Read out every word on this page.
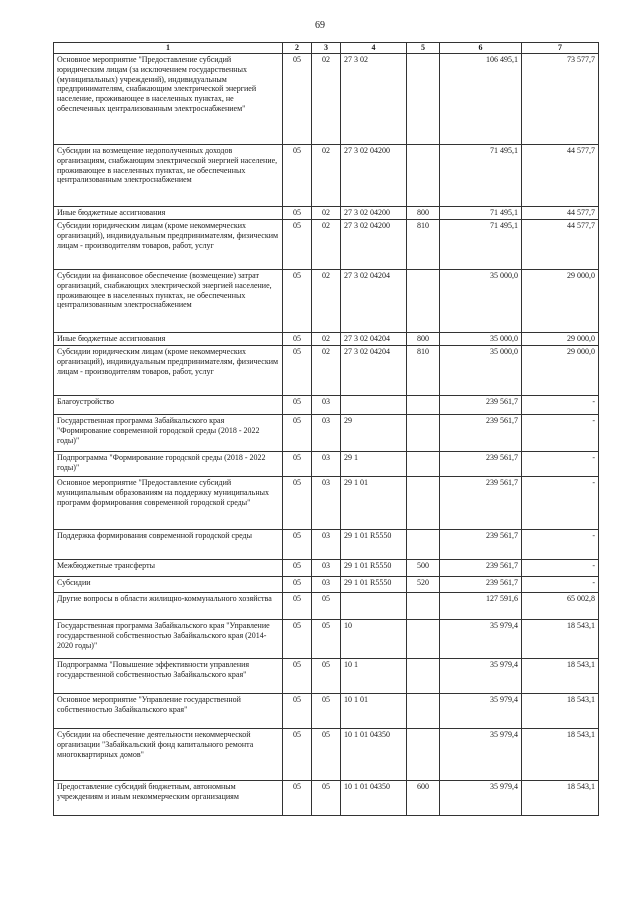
69
1	2	3	4	5	6	7
Основное мероприятие "Предоставление субсидий юридическим лицам (за исключением государственных (муниципальных) учреждений), индивидуальным предпринимателям, снабжающим электрической энергией население, проживающее в населенных пунктах, не обеспеченных централизованным электроснабжением"	05	02	27 3 02		106 495,1	73 577,7
Субсидии на возмещение недополученных доходов организациям, снабжающим электрической энергией население, проживающее в населенных пунктах, не обеспеченных централизованным электроснабжением	05	02	27 3 02 04200		71 495,1	44 577,7
Иные бюджетные ассигнования	05	02	27 3 02 04200	800	71 495,1	44 577,7
Субсидии юридическим лицам (кроме некоммерческих организаций), индивидуальным предпринимателям, физическим лицам - производителям товаров, работ, услуг	05	02	27 3 02 04200	810	71 495,1	44 577,7
Субсидии на финансовое обеспечение (возмещение) затрат организаций, снабжающих электрической энергией население, проживающее в населенных пунктах, не обеспеченных централизованным электроснабжением	05	02	27 3 02 04204		35 000,0	29 000,0
Иные бюджетные ассигнования	05	02	27 3 02 04204	800	35 000,0	29 000,0
Субсидии юридическим лицам (кроме некоммерческих организаций), индивидуальным предпринимателям, физическим лицам - производителям товаров, работ, услуг	05	02	27 3 02 04204	810	35 000,0	29 000,0
Благоустройство	05	03			239 561,7	-
Государственная программа Забайкальского края "Формирование современной городской среды (2018 - 2022 годы)"	05	03	29		239 561,7	-
Подпрограмма "Формирование городской среды (2018 - 2022 годы)"	05	03	29 1		239 561,7	-
Основное мероприятие "Предоставление субсидий муниципальным образованиям на поддержку муниципальных программ формирования современной городской среды"	05	03	29 1 01		239 561,7	-
Поддержка формирования современной городской среды	05	03	29 1 01 R5550		239 561,7	-
Межбюджетные трансферты	05	03	29 1 01 R5550	500	239 561,7	-
Субсидии	05	03	29 1 01 R5550	520	239 561,7	-
Другие вопросы в области жилищно-коммунального хозяйства	05	05			127 591,6	65 002,8
Государственная программа Забайкальского края "Управление государственной собственностью Забайкальского края (2014-2020 годы)"	05	05	10		35 979,4	18 543,1
Подпрограмма "Повышение эффективности управления государственной собственностью Забайкальского края"	05	05	10 1		35 979,4	18 543,1
Основное мероприятие "Управление государственной собственностью Забайкальского края"	05	05	10 1 01		35 979,4	18 543,1
Субсидии на обеспечение деятельности некоммерческой организации "Забайкальский фонд капитального ремонта многоквартирных домов"	05	05	10 1 01 04350		35 979,4	18 543,1
Предоставление субсидий бюджетным, автономным учреждениям и иным некоммерческим организациям	05	05	10 1 01 04350	600	35 979,4	18 543,1
